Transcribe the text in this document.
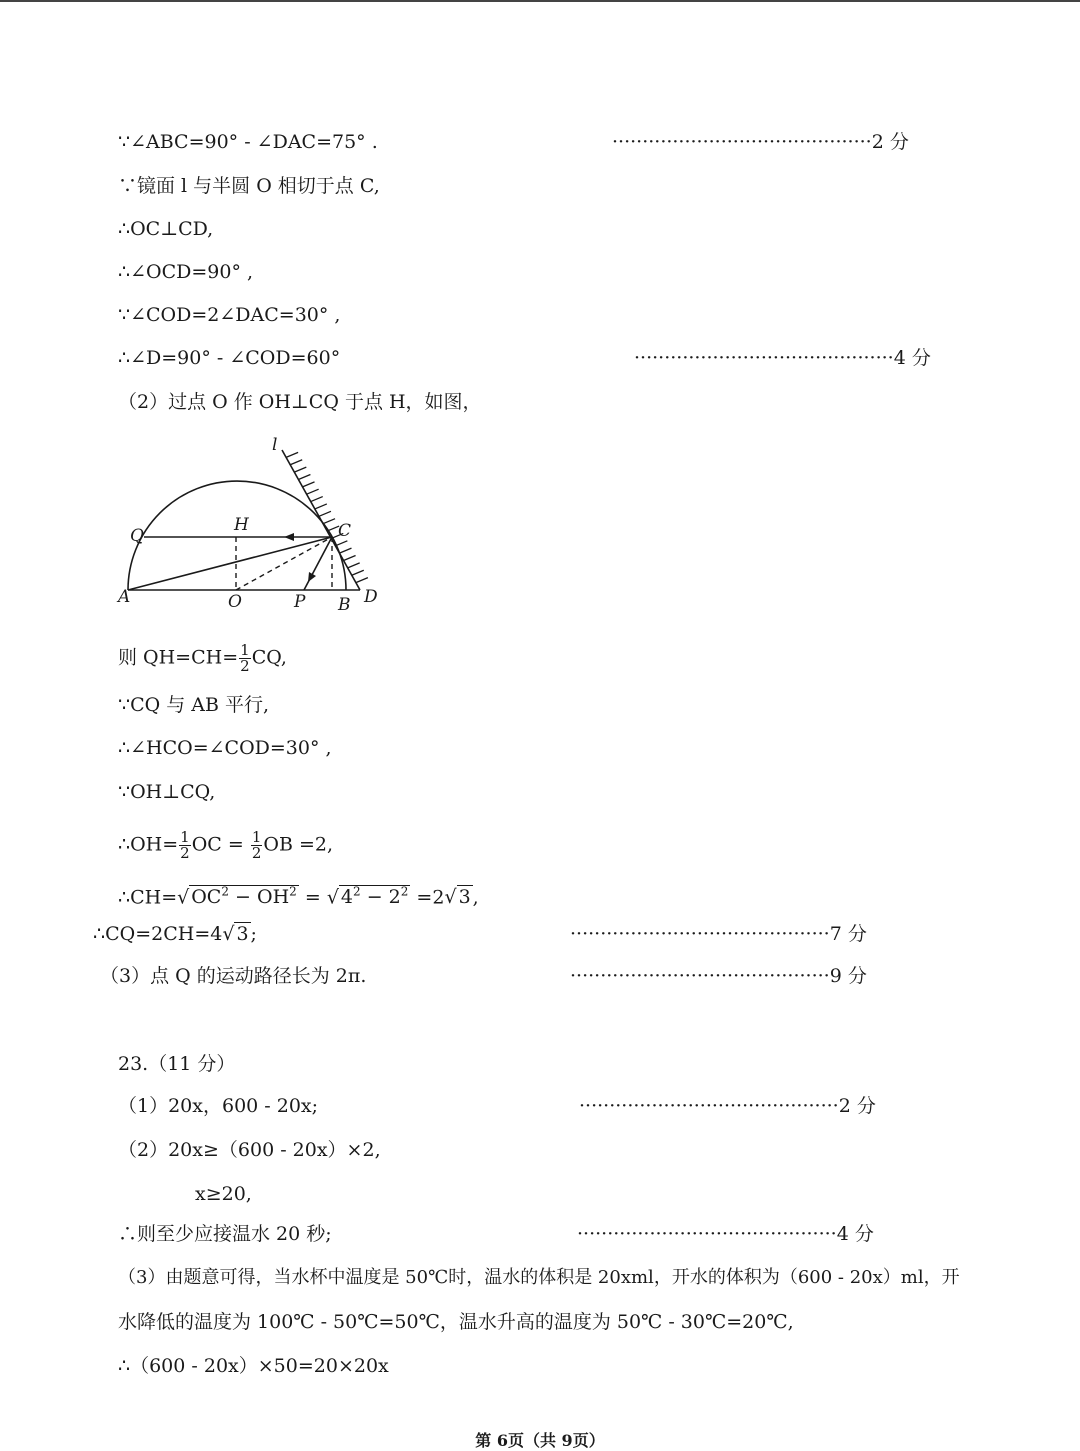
∵∠ABC=90° - ∠DAC=75° .	···········································2 分
∵镜面 l 与半圆 O 相切于点 C,
∴OC⊥CD,
∴∠OCD=90° ,
∵∠COD=2∠DAC=30° ,
∴∠D=90° - ∠COD=60°	···········································4 分
（2）过点 O 作 OH⊥CQ 于点 H，如图，
l
Q
H	C
A	O	P B D
则 $QH=CH= \frac{1}{2}$ CQ,
∵CQ 与 AB 平行,
∴∠HCO=∠COD=30° ,
∵OH⊥CQ,
∴OH= $\frac{1}{2}$ OC = $\frac{1}{2}$ OB =2,
∴CH=√ $OC^2 - OH^2$ = √ $4^2 - 2^2 =2√$ 3 ,
∴CQ=2CH=4√ 3 ;	···········································7 分
（3）点 Q 的运动路径长为 2π.	···········································9 分
23.（11 分）
（1）20x，600 - 20x;	···········································2 分
（2）20x≥（600 - 20x）×2,
x≥20,
∴则至少应接温水 20 秒;	···········································4 分
（3）由题意可得，当水杯中温度是 50℃时，温水的体积是 20xml，开水的体积为（600 - 20x）ml，开
水降低的温度为 100℃ - 50℃=50℃，温水升高的温度为 50℃ - 30℃=20℃,
∴（600 - 20x）×50=20×20x
第 6页（共 9页）
